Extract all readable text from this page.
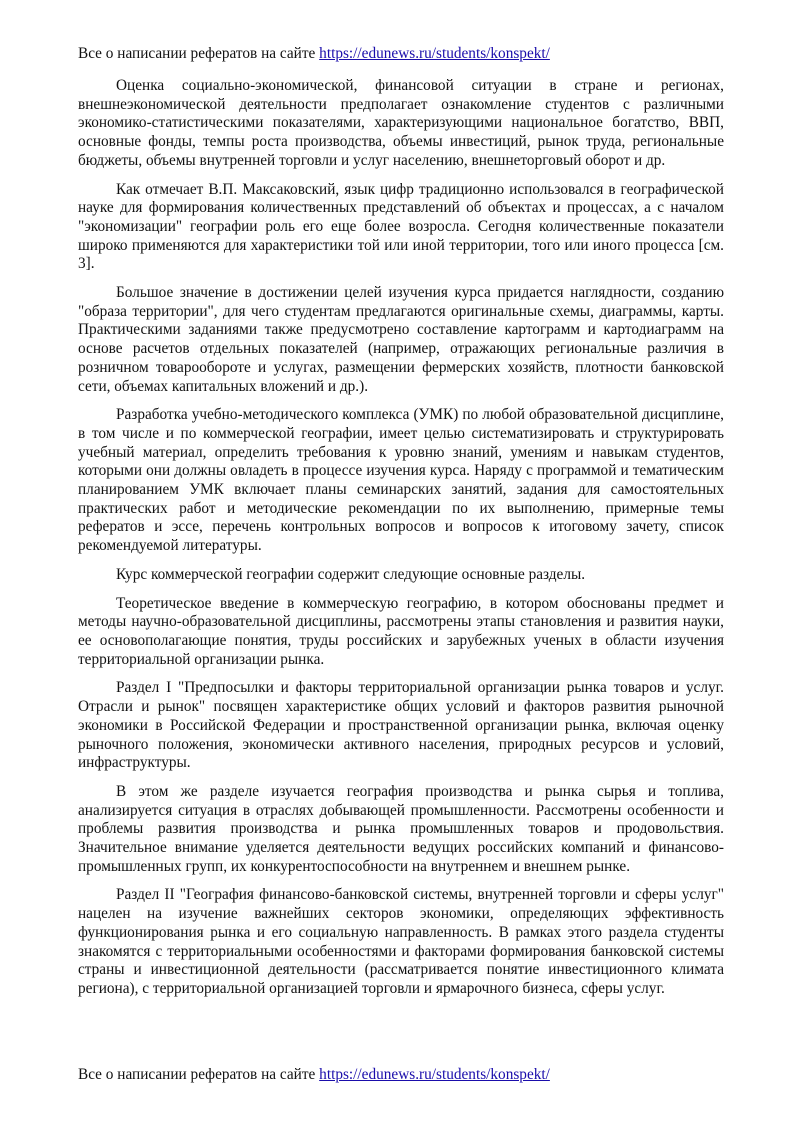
Все о написании рефератов на сайте https://edunews.ru/students/konspekt/

Оценка социально-экономической, финансовой ситуации в стране и регионах, внешнеэкономической деятельности предполагает ознакомление студентов с различными экономико-статистическими показателями, характеризующими национальное богатство, ВВП, основные фонды, темпы роста производства, объемы инвестиций, рынок труда, региональные бюджеты, объемы внутренней торговли и услуг населению, внешнеторговый оборот и др.

Как отмечает В.П. Максаковский, язык цифр традиционно использовался в географической науке для формирования количественных представлений об объектах и процессах, а с началом "экономизации" географии роль его еще более возросла. Сегодня количественные показатели широко применяются для характеристики той или иной территории, того или иного процесса [см. 3].

Большое значение в достижении целей изучения курса придается наглядности, созданию "образа территории", для чего студентам предлагаются оригинальные схемы, диаграммы, карты. Практическими заданиями также предусмотрено составление картограмм и картодиаграмм на основе расчетов отдельных показателей (например, отражающих региональные различия в розничном товарообороте и услугах, размещении фермерских хозяйств, плотности банковской сети, объемах капитальных вложений и др.).

Разработка учебно-методического комплекса (УМК) по любой образовательной дисциплине, в том числе и по коммерческой географии, имеет целью систематизировать и структурировать учебный материал, определить требования к уровню знаний, умениям и навыкам студентов, которыми они должны овладеть в процессе изучения курса. Наряду с программой и тематическим планированием УМК включает планы семинарских занятий, задания для самостоятельных практических работ и методические рекомендации по их выполнению, примерные темы рефератов и эссе, перечень контрольных вопросов и вопросов к итоговому зачету, список рекомендуемой литературы.

Курс коммерческой географии содержит следующие основные разделы.

Теоретическое введение в коммерческую географию, в котором обоснованы предмет и методы научно-образовательной дисциплины, рассмотрены этапы становления и развития науки, ее основополагающие понятия, труды российских и зарубежных ученых в области изучения территориальной организации рынка.

Раздел I "Предпосылки и факторы территориальной организации рынка товаров и услуг. Отрасли и рынок" посвящен характеристике общих условий и факторов развития рыночной экономики в Российской Федерации и пространственной организации рынка, включая оценку рыночного положения, экономически активного населения, природных ресурсов и условий, инфраструктуры.

В этом же разделе изучается география производства и рынка сырья и топлива, анализируется ситуация в отраслях добывающей промышленности. Рассмотрены особенности и проблемы развития производства и рынка промышленных товаров и продовольствия. Значительное внимание уделяется деятельности ведущих российских компаний и финансово-промышленных групп, их конкурентоспособности на внутреннем и внешнем рынке.

Раздел II "География финансово-банковской системы, внутренней торговли и сферы услуг" нацелен на изучение важнейших секторов экономики, определяющих эффективность функционирования рынка и его социальную направленность. В рамках этого раздела студенты знакомятся с территориальными особенностями и факторами формирования банковской системы страны и инвестиционной деятельности (рассматривается понятие инвестиционного климата региона), с территориальной организацией торговли и ярмарочного бизнеса, сферы услуг.

Все о написании рефератов на сайте https://edunews.ru/students/konspekt/
